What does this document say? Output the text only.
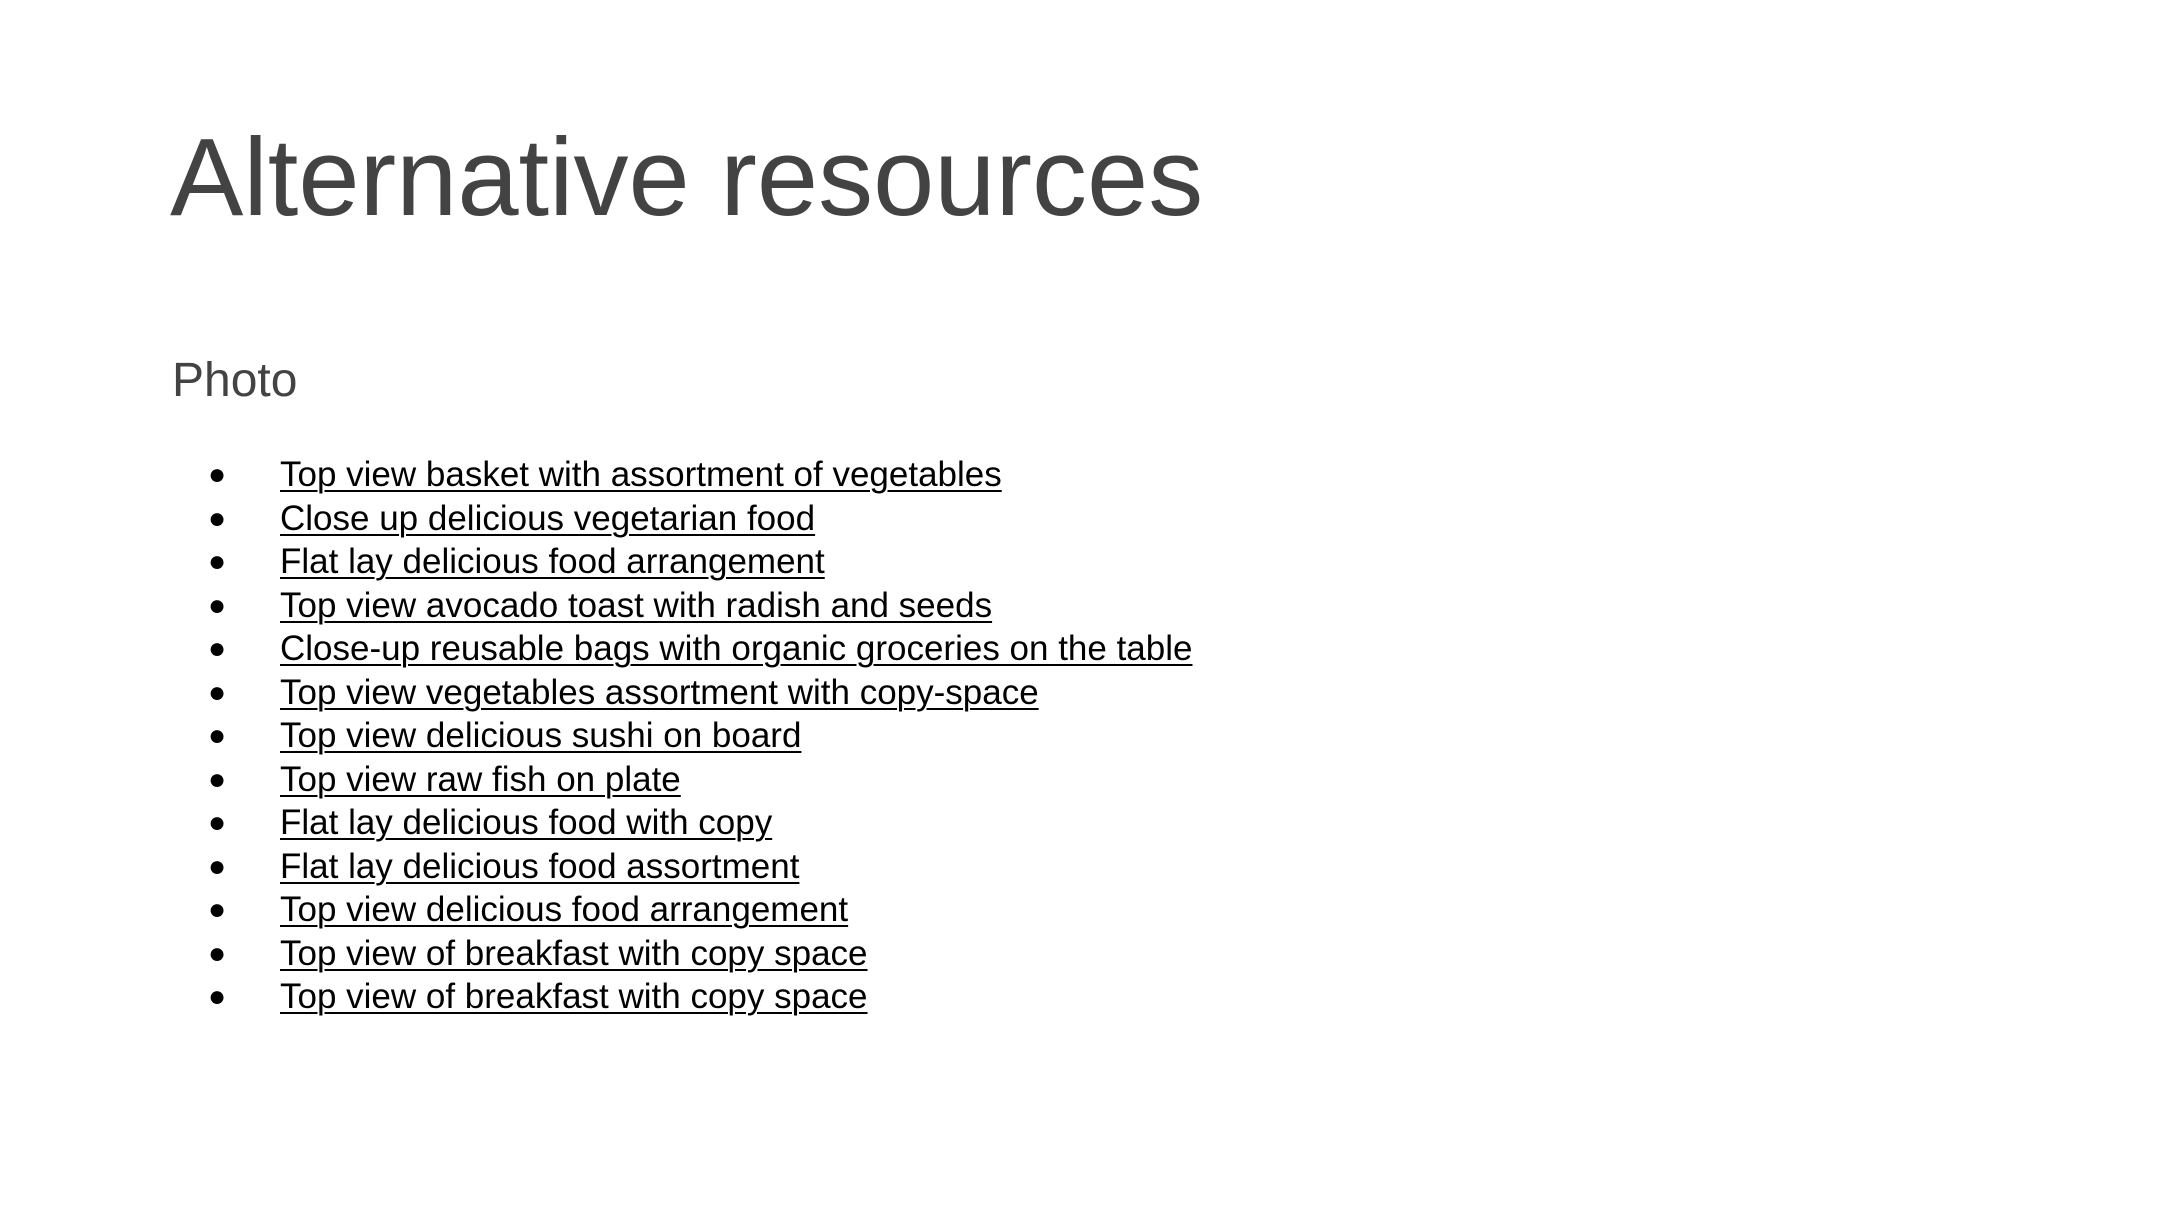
Alternative resources
Photo
● Top view basket with assortment of vegetables
● Close up delicious vegetarian food
● Flat lay delicious food arrangement
● Top view avocado toast with radish and seeds
● Close-up reusable bags with organic groceries on the table
● Top view vegetables assortment with copy-space
● Top view delicious sushi on board
● Top view raw fish on plate
● Flat lay delicious food with copy
● Flat lay delicious food assortment
● Top view delicious food arrangement
● Top view of breakfast with copy space
● Top view of breakfast with copy space
